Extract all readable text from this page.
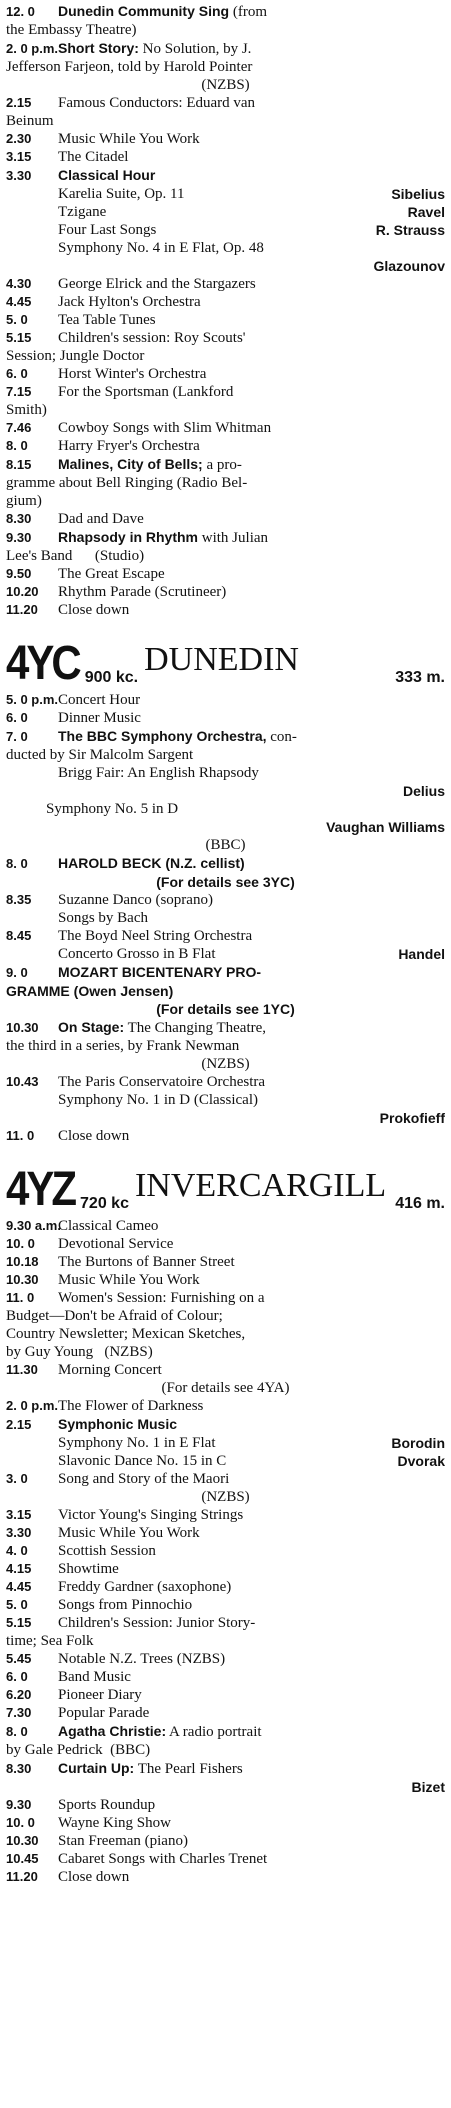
12. 0 Dunedin Community Sing (from
the Embassy Theatre)
2. 0 p.m.Short Story: No Solution, by J.
Jefferson Farjeon, told by Harold Pointer
(NZBS)
2.15 Famous Conductors: Eduard van
Beinum
2.30 Music While You Work
3.15 The Citadel
3.30 Classical Hour
Karelia Suite, Op. 11	Sibelius
Tzigane	Ravel
Four Last Songs	R. Strauss
Symphony No. 4 in E Flat, Op. 48
Glazounov
4.30 George Elrick and the Stargazers
4.45 Jack Hylton's Orchestra
5. 0 Tea Table Tunes
5.15 Children's session: Roy Scouts'
Session; Jungle Doctor
6. 0 Horst Winter's Orchestra
7.15 For the Sportsman (Lankford
Smith)
7.46 Cowboy Songs with Slim Whitman
8. 0 Harry Fryer's Orchestra
8.15 Malines, City of Bells; a pro-
gramme about Bell Ringing (Radio Bel-
gium)
8.30 Dad and Dave
9.30 Rhapsody in Rhythm with Julian
Lee's Band      (Studio)
9.50 The Great Escape
10.20 Rhythm Parade (Scrutineer)
11.20 Close down
4YC 900 kc. DUNEDIN	333 m.
5. 0 p.m.Concert Hour
6. 0 Dinner Music
7. 0 The BBC Symphony Orchestra, con-
ducted by Sir Malcolm Sargent
Brigg Fair: An English Rhapsody
Delius
Symphony No. 5 in D
Vaughan Williams
(BBC)
8. 0 HAROLD BECK (N.Z. cellist)
(For details see 3YC)
8.35 Suzanne Danco (soprano)
Songs by Bach
8.45 The Boyd Neel String Orchestra
Concerto Grosso in B Flat	Handel
9. 0 MOZART BICENTENARY PRO-
GRAMME (Owen Jensen)
(For details see 1YC)
10.30 On Stage: The Changing Theatre,
the third in a series, by Frank Newman
(NZBS)
10.43 The Paris Conservatoire Orchestra
Symphony No. 1 in D (Classical)
Prokofieff
11. 0 Close down
4YZ 720 kc INVERCARGILL 416 m.
9.30 a.m.Classical Cameo
10. 0 Devotional Service
10.18 The Burtons of Banner Street
10.30 Music While You Work
11. 0 Women's Session: Furnishing on a
Budget—Don't be Afraid of Colour;
Country Newsletter; Mexican Sketches,
by Guy Young   (NZBS)
11.30 Morning Concert
(For details see 4YA)
2. 0 p.m.The Flower of Darkness
2.15 Symphonic Music
Symphony No. 1 in E Flat	Borodin
Slavonic Dance No. 15 in C	Dvorak
3. 0 Song and Story of the Maori
(NZBS)
3.15 Victor Young's Singing Strings
3.30 Music While You Work
4. 0 Scottish Session
4.15 Showtime
4.45 Freddy Gardner (saxophone)
5. 0 Songs from Pinnochio
5.15 Children's Session: Junior Story-
time; Sea Folk
5.45 Notable N.Z. Trees (NZBS)
6. 0 Band Music
6.20 Pioneer Diary
7.30 Popular Parade
8. 0 Agatha Christie: A radio portrait
by Gale Pedrick  (BBC)
8.30 Curtain Up: The Pearl Fishers
Bizet
9.30 Sports Roundup
10. 0 Wayne King Show
10.30 Stan Freeman (piano)
10.45 Cabaret Songs with Charles Trenet
11.20 Close down
